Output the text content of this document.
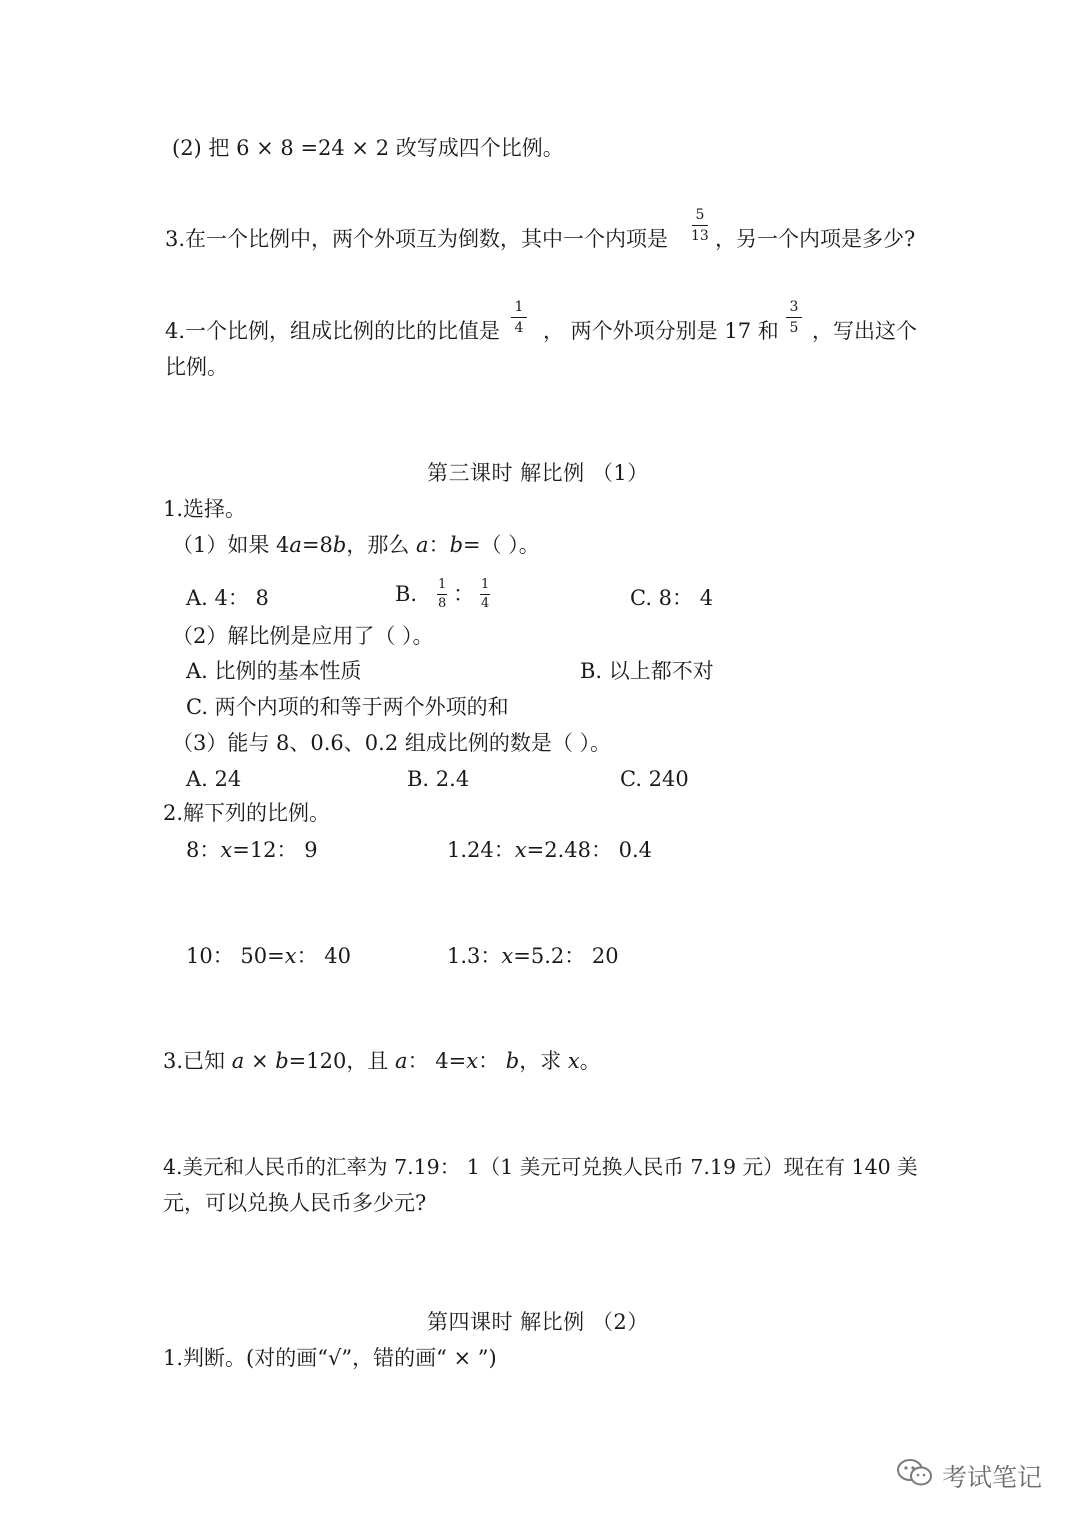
(2) 把 6 × 8 =24 × 2 改写成四个比例。
3.在一个比例中，两个外项互为倒数，其中一个内项是
5
13 ，另一个内项是多少?
4.一个比例，组成比例的比的比值是
1
4 ， 两个外项分别是 17 和
3
5 ，写出这个
比例。
第三课时 解比例 （1）
1.选择。
（1）如果 4a=8b，那么 a：b=（ ）。
A. 4： 8	B. $\frac{1}{8}$ ： $\frac{1}{4}$	C. 8： 4
（2）解比例是应用了（ ）。
A. 比例的基本性质	B. 以上都不对
C. 两个内项的和等于两个外项的和
（3）能与 8、0.6、0.2 组成比例的数是（ ）。
A. 24	B. 2.4	C. 240
2.解下列的比例。
8：x=12： 9	1.24：x=2.48： 0.4
10： 50=x： 40	1.3：x=5.2： 20
3.已知 a × b=120，且 a： 4=x： b，求 x。
4.美元和人民币的汇率为 7.19： 1（1 美元可兑换人民币 7.19 元）现在有 140 美
元，可以兑换人民币多少元?
第四课时 解比例 （2）
1.判断。(对的画“√”，错的画“ × ”)
考试笔记
